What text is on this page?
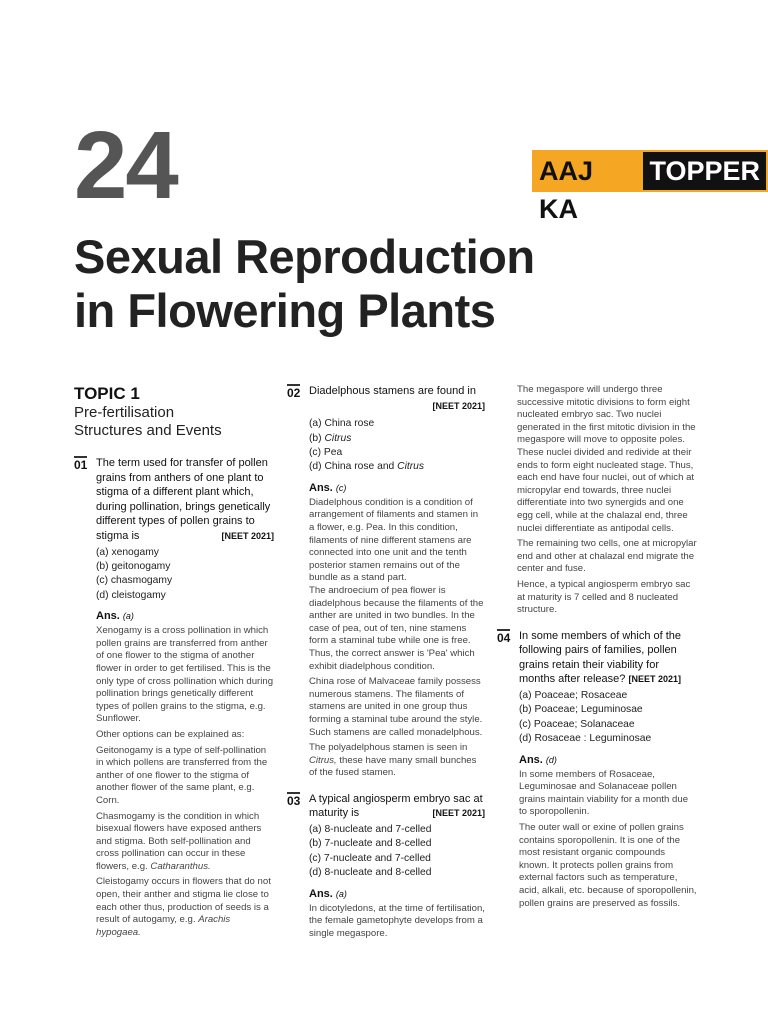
24	AAJ KA
TOPPER
Sexual Reproduction
in Flowering Plants
TOPIC 1
Pre-fertilisation
Structures and Events
01 The term used for transfer of pollen grains from anthers of one plant to stigma of a different plant which, during pollination, brings genetically different types of pollen grains to stigma is	[NEET 2021]
(a) xenogamy
(b) geitonogamy
(c) chasmogamy
(d) cleistogamy
Ans. (a)

Xenogamy is a cross pollination in which pollen grains are transferred from anther of one flower to the stigma of another flower in order to get fertilised. This is the only type of cross pollination which during pollination brings genetically different types of pollen grains to the stigma, e.g. Sunflower.

Other options can be explained as:

Geitonogamy is a type of self-pollination in which pollens are transferred from the anther of one flower to the stigma of another flower of the same plant, e.g. Corn.

Chasmogamy is the condition in which bisexual flowers have exposed anthers and stigma. Both self-pollination and cross pollination can occur in these flowers, e.g. Catharanthus.

Cleistogamy occurs in flowers that do not open, their anther and stigma lie close to each other thus, production of seeds is a result of autogamy, e.g. Arachis hypogaea.

02 Diadelphous stamens are found in

[NEET 2021]
(a) China rose
(b) Citrus
(c) Pea
(d) China rose and Citrus
Ans. (c)

Diadelphous condition is a condition of arrangement of filaments and stamen in a flower, e.g. Pea. In this condition, filaments of nine different stamens are connected into one unit and the tenth posterior stamen remains out of the bundle as a stand part.

The androecium of pea flower is diadelphous because the filaments of the anther are united in two bundles. In the case of pea, out of ten, nine stamens form a staminal tube while one is free. Thus, the correct answer is 'Pea' which exhibit diadelphous condition.

China rose of Malvaceae family possess numerous stamens. The filaments of stamens are united in one group thus forming a staminal tube around the style. Such stamens are called monadelphous.

The polyadelphous stamen is seen in Citrus, these have many small bunches of the fused stamen.

03 A typical angiosperm embryo sac at maturity is	[NEET 2021]
(a) 8-nucleate and 7-celled
(b) 7-nucleate and 8-celled
(c) 7-nucleate and 7-celled
(d) 8-nucleate and 8-celled
Ans. (a)

In dicotyledons, at the time of fertilisation, the female gametophyte develops from a single megaspore.

The megaspore will undergo three successive mitotic divisions to form eight nucleated embryo sac. Two nuclei generated in the first mitotic division in the megaspore will move to opposite poles. These nuclei divided and redivide at their ends to form eight nucleated stage. Thus, each end have four nuclei, out of which at micropylar end towards, three nuclei differentiate into two synergids and one egg cell, while at the chalazal end, three nuclei differentiate as antipodal cells.

The remaining two cells, one at micropylar end and other at chalazal end migrate the center and fuse.

Hence, a typical angiosperm embryo sac at maturity is 7 celled and 8 nucleated structure.

04 In some members of which of the following pairs of families, pollen grains retain their viability for months after release? [NEET 2021]
(a) Poaceae; Rosaceae
(b) Poaceae; Leguminosae
(c) Poaceae; Solanaceae
(d) Rosaceae : Leguminosae
Ans. (d)

In some members of Rosaceae, Leguminosae and Solanaceae pollen grains maintain viability for a month due to sporopollenin.

The outer wall or exine of pollen grains contains sporopollenin. It is one of the most resistant organic compounds known. It protects pollen grains from external factors such as temperature, acid, alkali, etc. because of sporopollenin, pollen grains are preserved as fossils.
